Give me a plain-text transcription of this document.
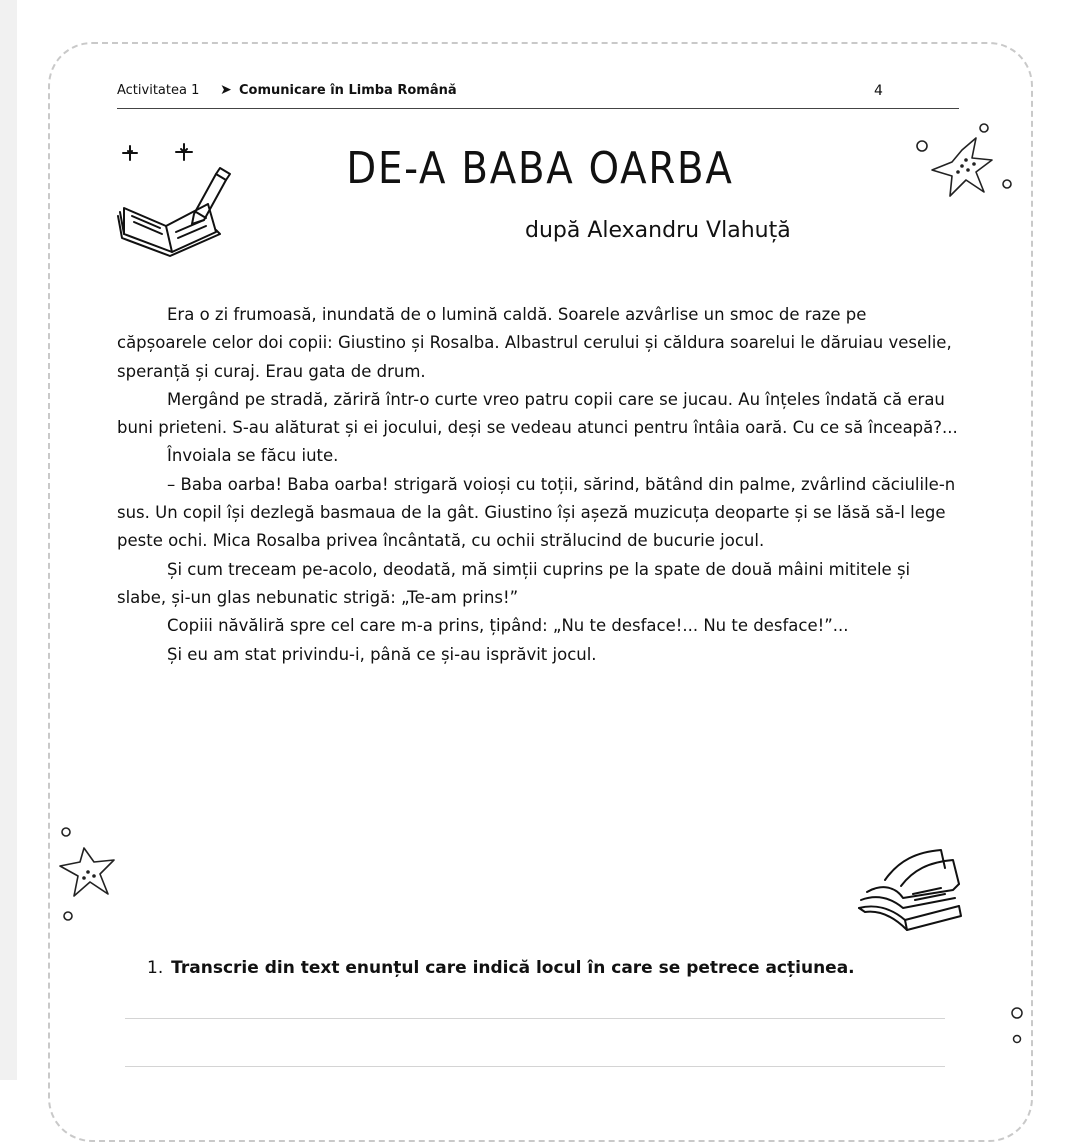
Activitatea 1 ➤ Comunicare în Limba Română	4
DE-A BABA OARBA
după Alexandru Vlahuță

Era o zi frumoasă, inundată de o lumină caldă. Soarele azvârlise un smoc de raze pe căpșoarele celor doi copii: Giustino și Rosalba. Albastrul cerului și căldura soarelui le dăruiau veselie, speranță și curaj. Erau gata de drum.

Mergând pe stradă, zăriră într-o curte vreo patru copii care se jucau. Au înțeles îndată că erau buni prieteni. S-au alăturat și ei jocului, deși se vedeau atunci pentru întâia oară. Cu ce să înceapă?...

Învoiala se făcu iute.

– Baba oarba! Baba oarba! strigară voioși cu toții, sărind, bătând din palme, zvârlind căciulile-n sus. Un copil își dezlegă basmaua de la gât. Giustino își așeză muzicuța deoparte și se lăsă să-l lege peste ochi. Mica Rosalba privea încântată, cu ochii strălucind de bucurie jocul.

Și cum treceam pe-acolo, deodată, mă simții cuprins pe la spate de două mâini mititele și slabe, și-un glas nebunatic strigă: „Te-am prins!”

Copiii năvăliră spre cel care m-a prins, țipând: „Nu te desface!... Nu te desface!”...

Și eu am stat privindu-i, până ce și-au isprăvit jocul.

1. Transcrie din text enunțul care indică locul în care se petrece acțiunea.
